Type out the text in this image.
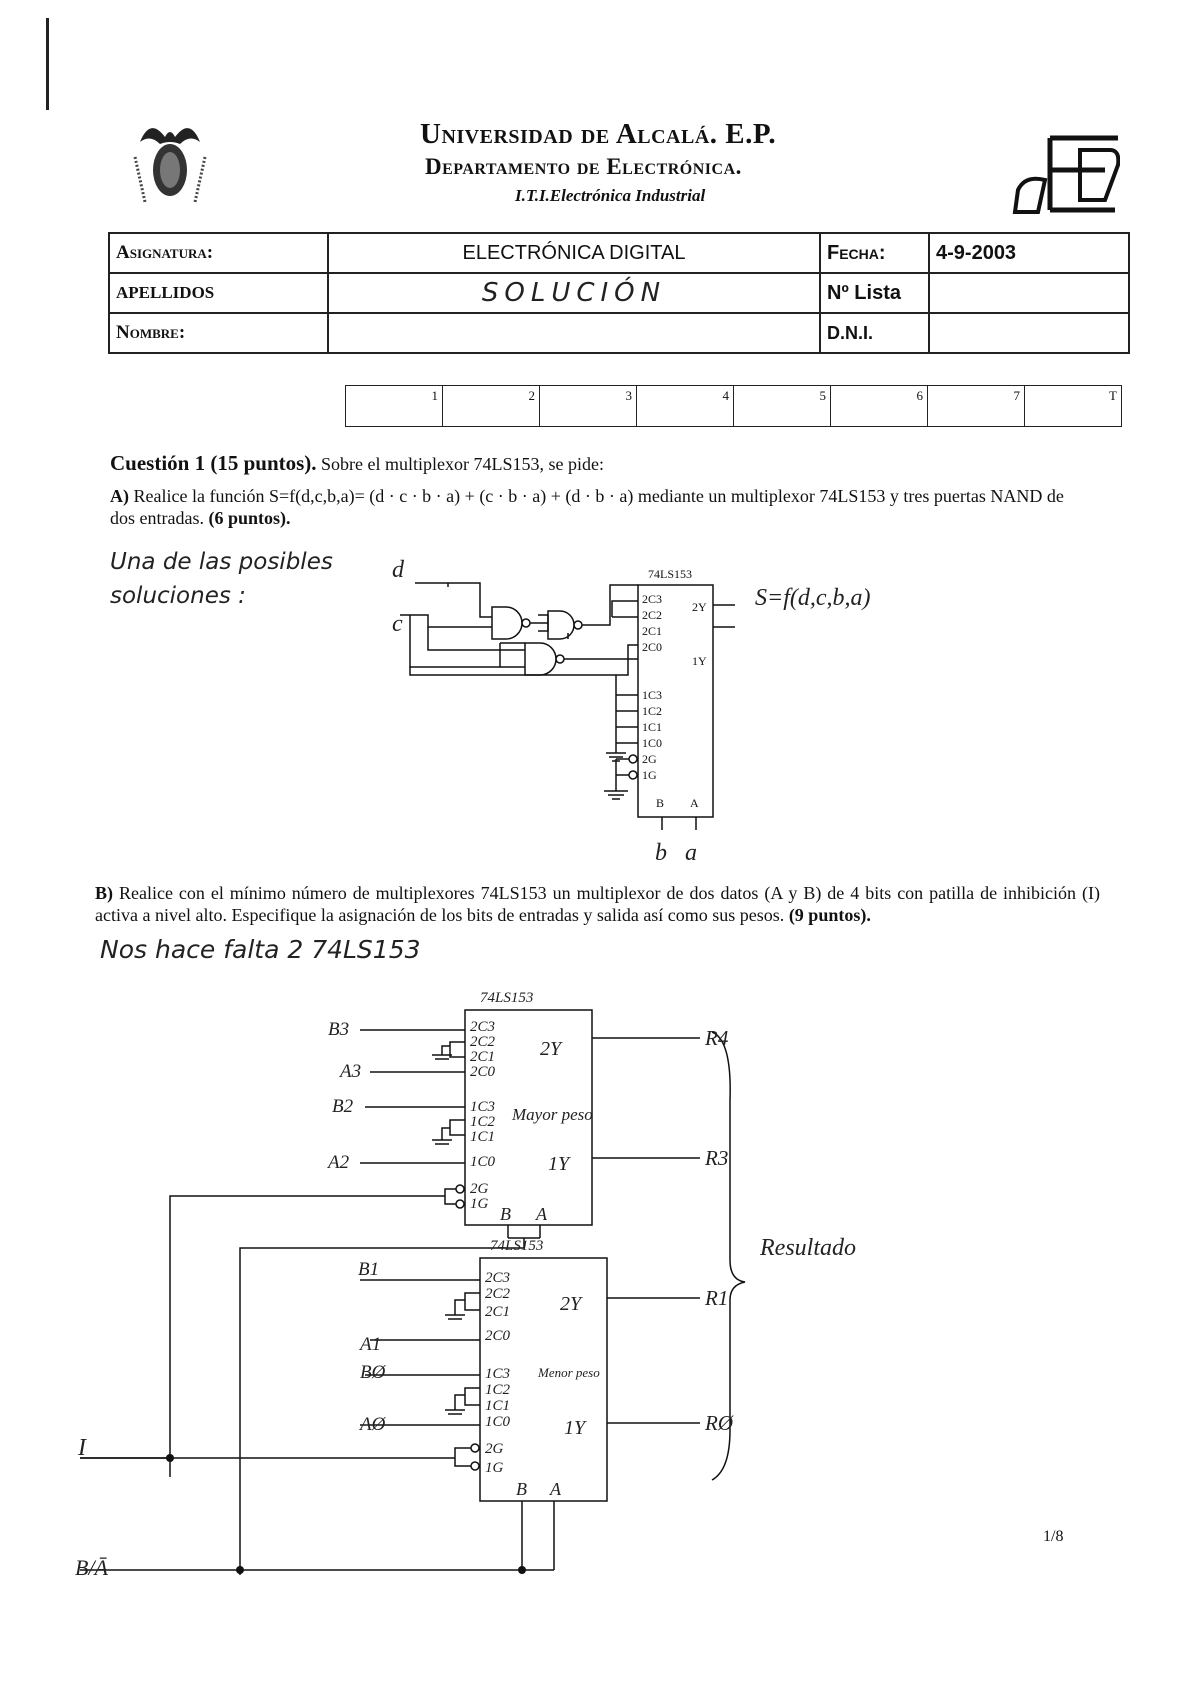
Universidad de Alcalá. E.P.
Departamento de Electrónica.
I.T.I.Electrónica Industrial
Asignatura:	ELECTRÓNICA DIGITAL	Fecha:	4-9-2003
APELLIDOS	SOLUCIÓN	Nº Lista	
Nombre:		D.N.I.	
1	2	3	4	5	6	7	T
Cuestión 1 (15 puntos). Sobre el multiplexor 74LS153, se pide:
A) Realice la función S=f(d,c,b,a)= (d · c · b · a) + (c · b · a) + (d · b · a) mediante un multiplexor 74LS153 y tres puertas NAND de dos entradas. (6 puntos).
Una de las posibles soluciones :
74LS153
2C3
2C2
2C1
2C0
1C3
1C2
1C1
1C0
2G
1G
2Y
1Y
B A
d
c
b a
S=f(d,c,b,a)
B) Realice con el mínimo número de multiplexores 74LS153 un multiplexor de dos datos (A y B) de 4 bits con patilla de inhibición (I) activa a nivel alto. Especifique la asignación de los bits de entradas y salida así como sus pesos. (9 puntos).
Nos hace falta 2 74LS153
74LS153
2C3
2C2
2C1
2C0
1C3
1C2
1C1
1C0
2G
1G
2Y
1Y
Mayor peso
B A
74LS153
2C3
2C2
2C1
2C0
1C3
1C2
1C1
1C0
2G
1G
2Y
1Y
Menor peso
B A
B3
A3
B2
A2
B1
A1
BØ
AØ
R4
R3
R1
RØ
Resultado
I
B/Ā
1/8
